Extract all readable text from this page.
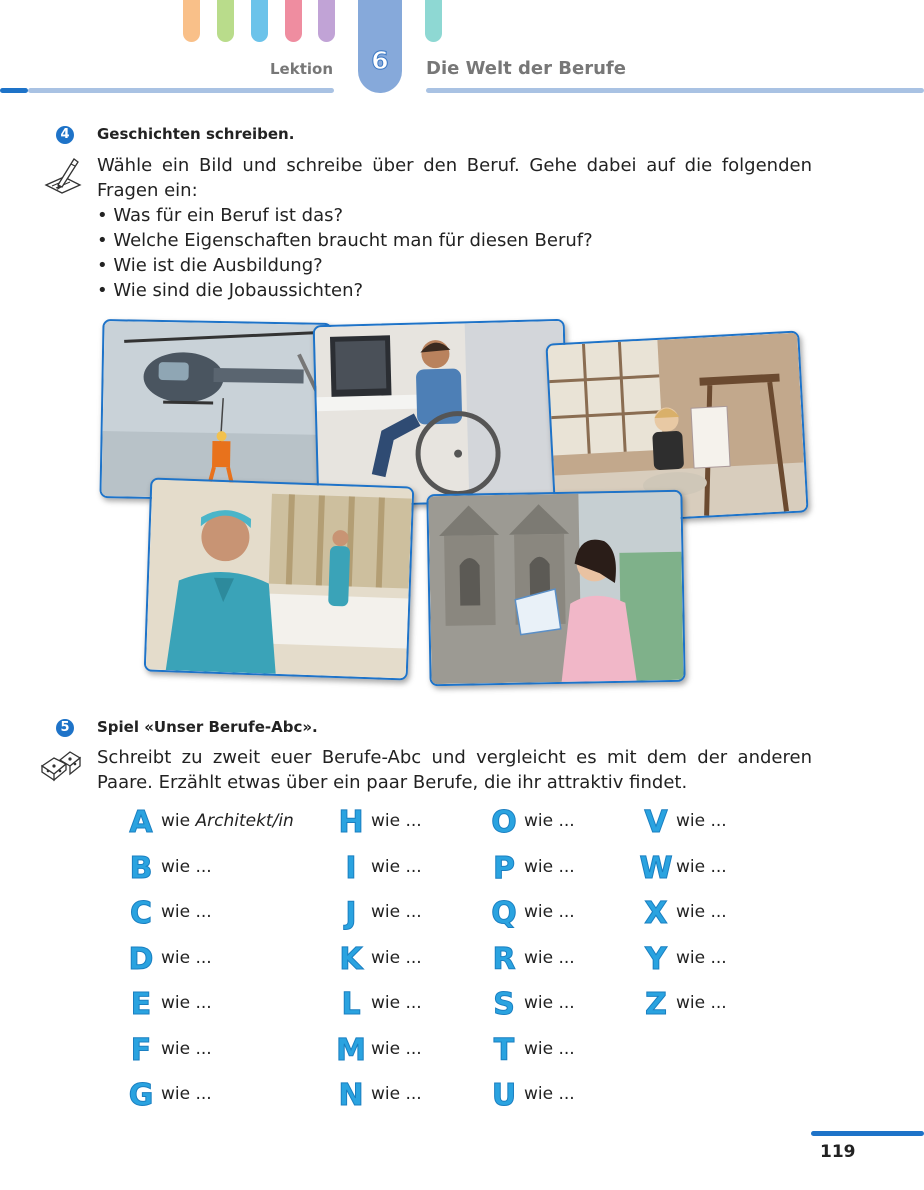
6
Lektion	Die Welt der Berufe
4 Geschichten schreiben.
Wähle ein Bild und schreibe über den Beruf. Gehe dabei auf die folgenden
Fragen ein:
• Was für ein Beruf ist das?
• Welche Eigenschaften braucht man für diesen Beruf?
• Wie ist die Ausbildung?
• Wie sind die Jobaussichten?
5 Spiel «Unser Berufe-Abc».
Schreibt zu zweit euer Berufe-Abc und vergleicht es mit dem der anderen
Paare. Erzählt etwas über ein paar Berufe, die ihr attraktiv findet.
A wie Architekt/in
B wie ...
C wie ...
D wie ...
E wie ...
F wie ...
G wie ...
H wie ...
I wie ...
J wie ...
K wie ...
L wie ...
M wie ...
N wie ...
O wie ...
P wie ...
Q wie ...
R wie ...
S wie ...
T wie ...
U wie ...
V wie ...
W wie ...
X wie ...
Y wie ...
Z wie ...
119
